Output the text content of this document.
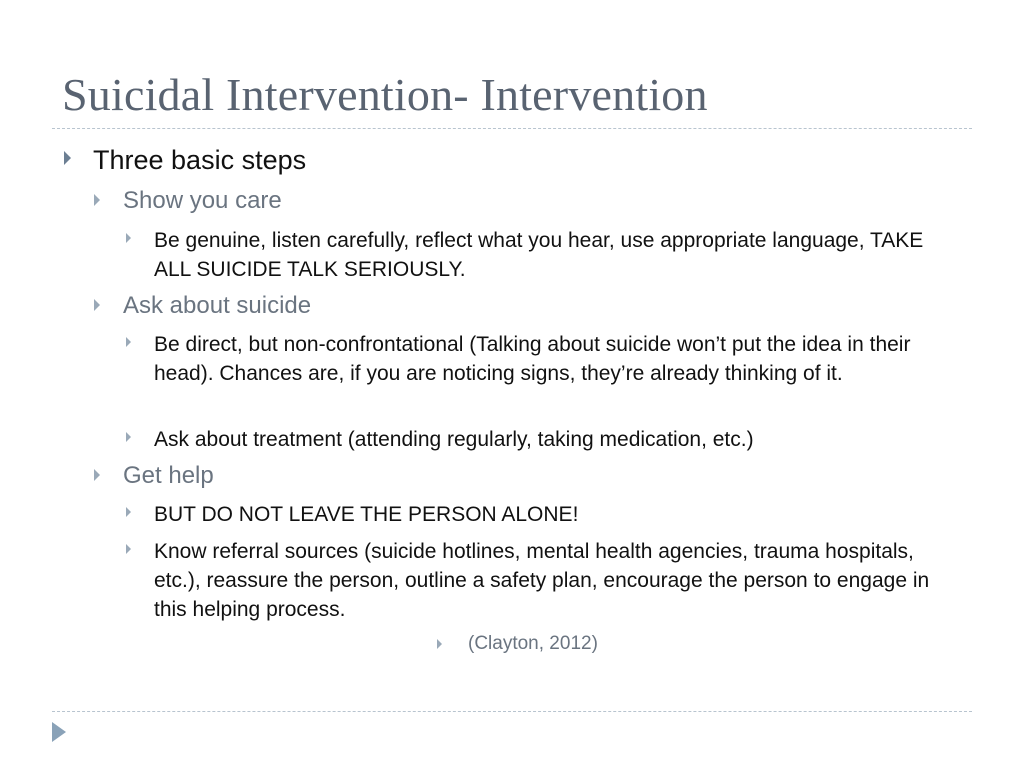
Suicidal Intervention- Intervention
Three basic steps
Show you care
Be genuine, listen carefully, reflect what you hear, use appropriate language, TAKE ALL SUICIDE TALK SERIOUSLY.
Ask about suicide
Be direct, but non-confrontational (Talking about suicide won’t put the idea in their head). Chances are, if you are noticing signs, they’re already thinking of it.
Ask about treatment (attending regularly, taking medication, etc.)
Get help
BUT DO NOT LEAVE THE PERSON ALONE!
Know referral sources (suicide hotlines, mental health agencies, trauma hospitals, etc.), reassure the person, outline a safety plan, encourage the person to engage in this helping process.
(Clayton, 2012)
